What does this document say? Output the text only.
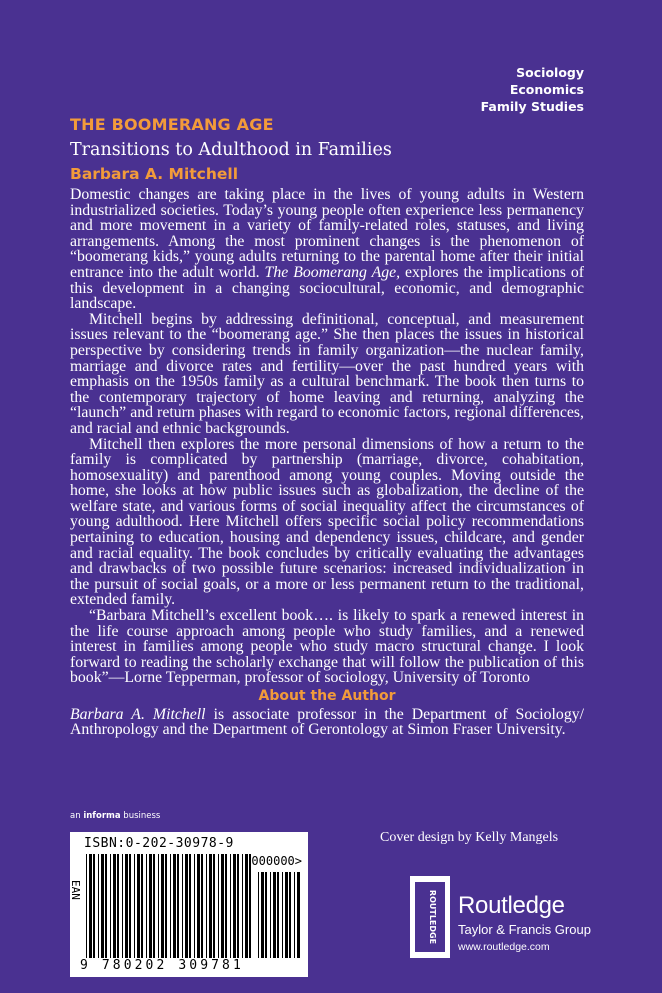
Sociology
Economics
Family Studies
THE BOOMERANG AGE
Transitions to Adulthood in Families
Barbara A. Mitchell

Domestic changes are taking place in the lives of young adults in Western industrialized societies. Today’s young people often experience less permanency and more movement in a variety of family-related roles, statuses, and living arrangements. Among the most prominent changes is the phenomenon of “boomerang kids,” young adults returning to the parental home after their initial entrance into the adult world. The Boomerang Age, explores the implications of this development in a changing sociocultural, economic, and demographic landscape.

Mitchell begins by addressing definitional, conceptual, and measurement issues relevant to the “boomerang age.” She then places the issues in historical perspective by considering trends in family organization—the nuclear family, marriage and divorce rates and fertility—over the past hundred years with emphasis on the 1950s family as a cultural benchmark. The book then turns to the contemporary trajectory of home leaving and returning, analyzing the “launch” and return phases with regard to economic factors, regional differences, and racial and ethnic backgrounds.

Mitchell then explores the more personal dimensions of how a return to the family is complicated by partnership (marriage, divorce, cohabitation, homosexuality) and parenthood among young couples. Moving outside the home, she looks at how public issues such as globalization, the decline of the welfare state, and various forms of social inequality affect the circumstances of young adulthood. Here Mitchell offers specific social policy recommendations pertaining to education, housing and dependency issues, childcare, and gender and racial equality. The book concludes by critically evaluating the advantages and drawbacks of two possible future scenarios: increased individualization in the pursuit of social goals, or a more or less permanent return to the traditional, extended family.

“Barbara Mitchell’s excellent book…. is likely to spark a renewed interest in the life course approach among people who study families, and a renewed interest in families among people who study macro structural change. I look forward to reading the scholarly exchange that will follow the publication of this book”—Lorne Tepperman, professor of sociology, University of Toronto

About the Author

Barbara A. Mitchell is associate professor in the Department of Sociology/ Anthropology and the Department of Gerontology at Simon Fraser University.

an informa business
ISBN:0-202-30978-9
000000>
EAN
9 780202 309781
Cover design by Kelly Mangels
ROUTLEDGE Routledge
Taylor & Francis Group
www.routledge.com
